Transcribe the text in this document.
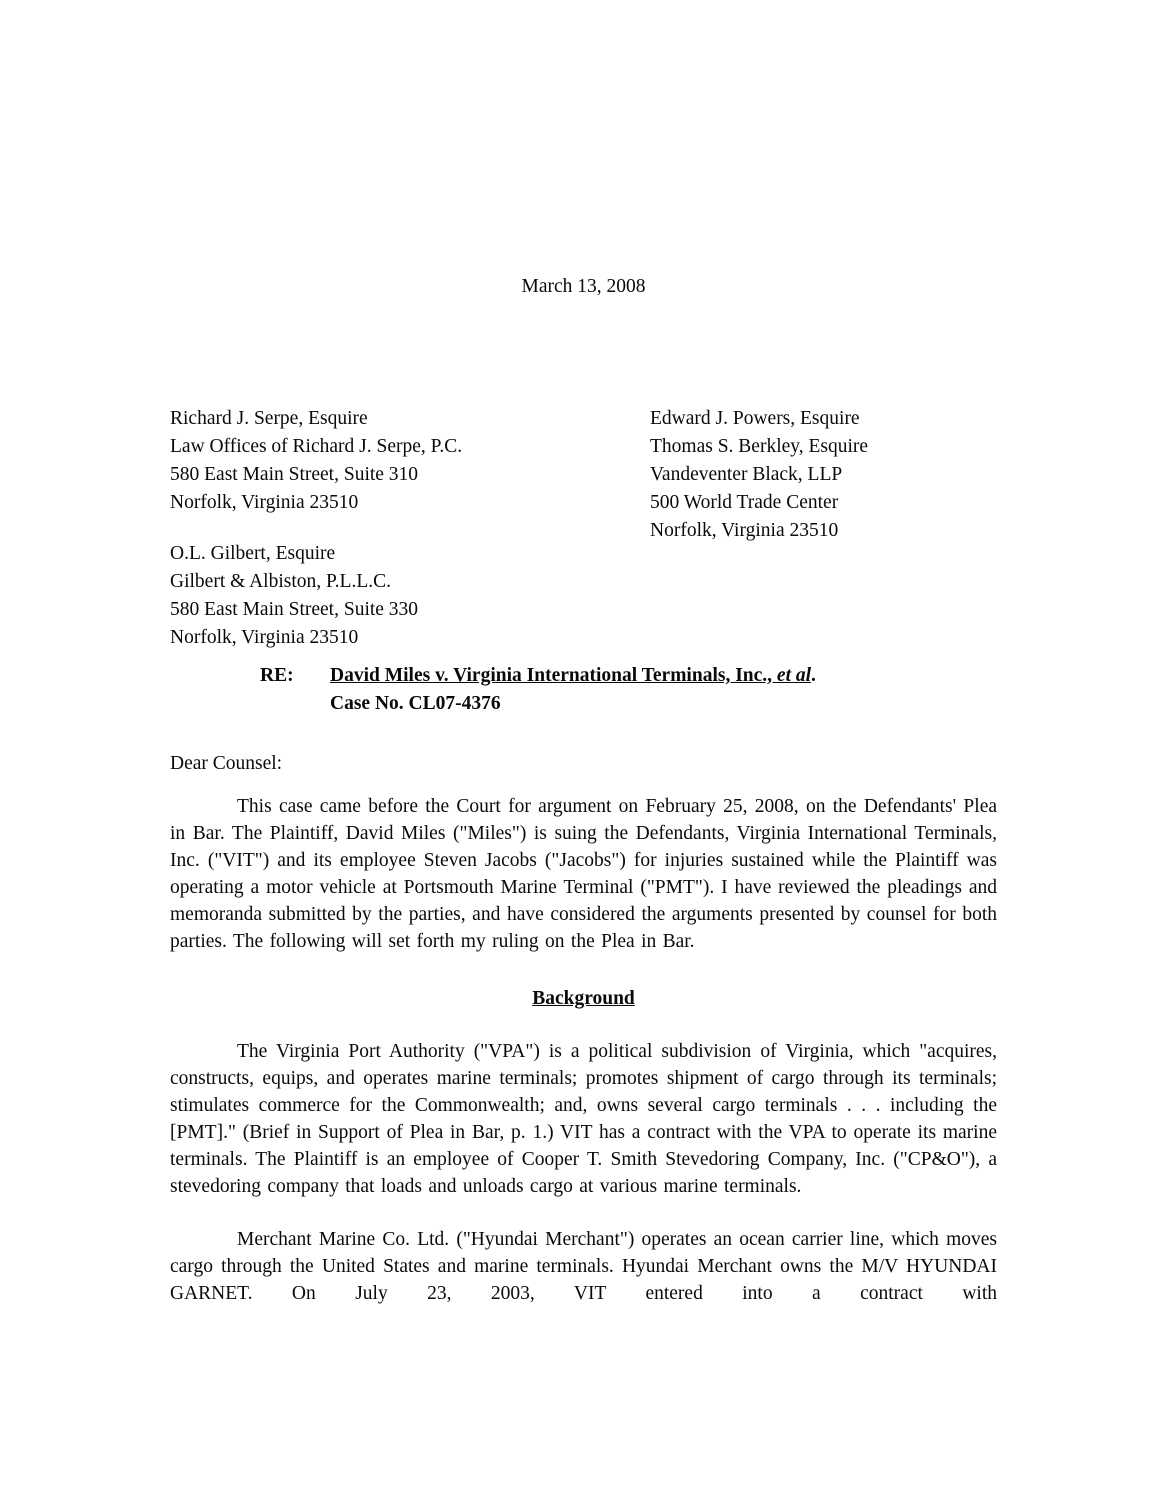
March 13, 2008
Richard J. Serpe, Esquire
Law Offices of Richard J. Serpe, P.C.
580 East Main Street, Suite 310
Norfolk, Virginia 23510
O.L. Gilbert, Esquire
Gilbert & Albiston, P.L.L.C.
580 East Main Street, Suite 330
Norfolk, Virginia 23510
Edward J. Powers, Esquire
Thomas S. Berkley, Esquire
Vandeventer Black, LLP
500 World Trade Center
Norfolk, Virginia 23510
RE:	David Miles v. Virginia International Terminals, Inc., et al.
Case No. CL07-4376
Dear Counsel:

This case came before the Court for argument on February 25, 2008, on the Defendants' Plea in Bar. The Plaintiff, David Miles ("Miles") is suing the Defendants, Virginia International Terminals, Inc. ("VIT") and its employee Steven Jacobs ("Jacobs") for injuries sustained while the Plaintiff was operating a motor vehicle at Portsmouth Marine Terminal ("PMT"). I have reviewed the pleadings and memoranda submitted by the parties, and have considered the arguments presented by counsel for both parties. The following will set forth my ruling on the Plea in Bar.

Background

The Virginia Port Authority ("VPA") is a political subdivision of Virginia, which "acquires, constructs, equips, and operates marine terminals; promotes shipment of cargo through its terminals; stimulates commerce for the Commonwealth; and, owns several cargo terminals . . . including the [PMT]." (Brief in Support of Plea in Bar, p. 1.) VIT has a contract with the VPA to operate its marine terminals. The Plaintiff is an employee of Cooper T. Smith Stevedoring Company, Inc. ("CP&O"), a stevedoring company that loads and unloads cargo at various marine terminals.

Merchant Marine Co. Ltd. ("Hyundai Merchant") operates an ocean carrier line, which moves cargo through the United States and marine terminals. Hyundai Merchant owns the M/V HYUNDAI GARNET. On July 23, 2003, VIT entered into a contract with
